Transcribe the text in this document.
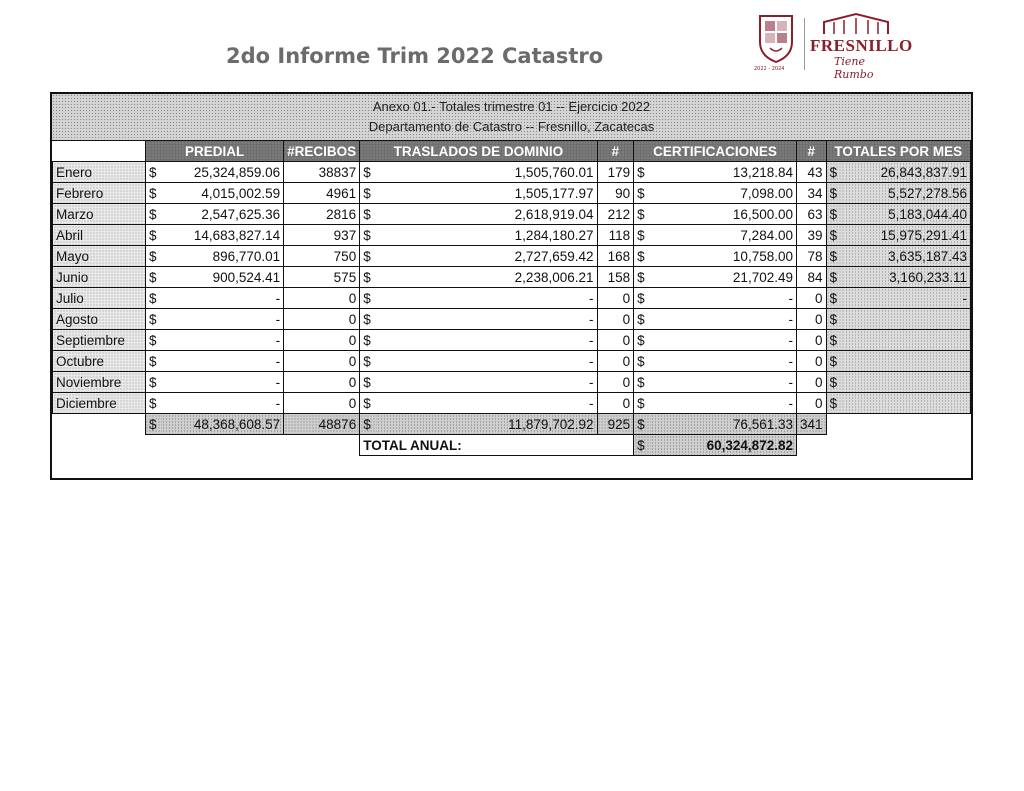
2do Informe Trim 2022 Catastro
2022 - 2024
FRESNILLO
Tiene Rumbo
Anexo 01.- Totales trimestre 01 -- Ejercicio 2022
Departamento de Catastro -- Fresnillo, Zacatecas
	PREDIAL		#RECIBOS	TRASLADOS DE DOMINIO		#	CERTIFICACIONES		#	TOTALES POR MES	
Enero	$	25,324,859.06	38837	$	1,505,760.01	179	$	13,218.84	43	$	26,843,837.91
Febrero	$	4,015,002.59	4961	$	1,505,177.97	90	$	7,098.00	34	$	5,527,278.56
Marzo	$	2,547,625.36	2816	$	2,618,919.04	212	$	16,500.00	63	$	5,183,044.40
Abril	$	14,683,827.14	937	$	1,284,180.27	118	$	7,284.00	39	$	15,975,291.41
Mayo	$	896,770.01	750	$	2,727,659.42	168	$	10,758.00	78	$	3,635,187.43
Junio	$	900,524.41	575	$	2,238,006.21	158	$	21,702.49	84	$	3,160,233.11
Julio	$	-	0	$	-	0	$	-	0	$	-
Agosto	$	-	0	$	-	0	$	-	0	$	
Septiembre	$	-	0	$	-	0	$	-	0	$	
Octubre	$	-	0	$	-	0	$	-	0	$	
Noviembre	$	-	0	$	-	0	$	-	0	$	
Diciembre	$	-	0	$	-	0	$	-	0	$	
	$	48,368,608.57	48876	$	11,879,702.92	925	$	76,561.33	341		
				TOTAL ANUAL:			$	60,324,872.82			
